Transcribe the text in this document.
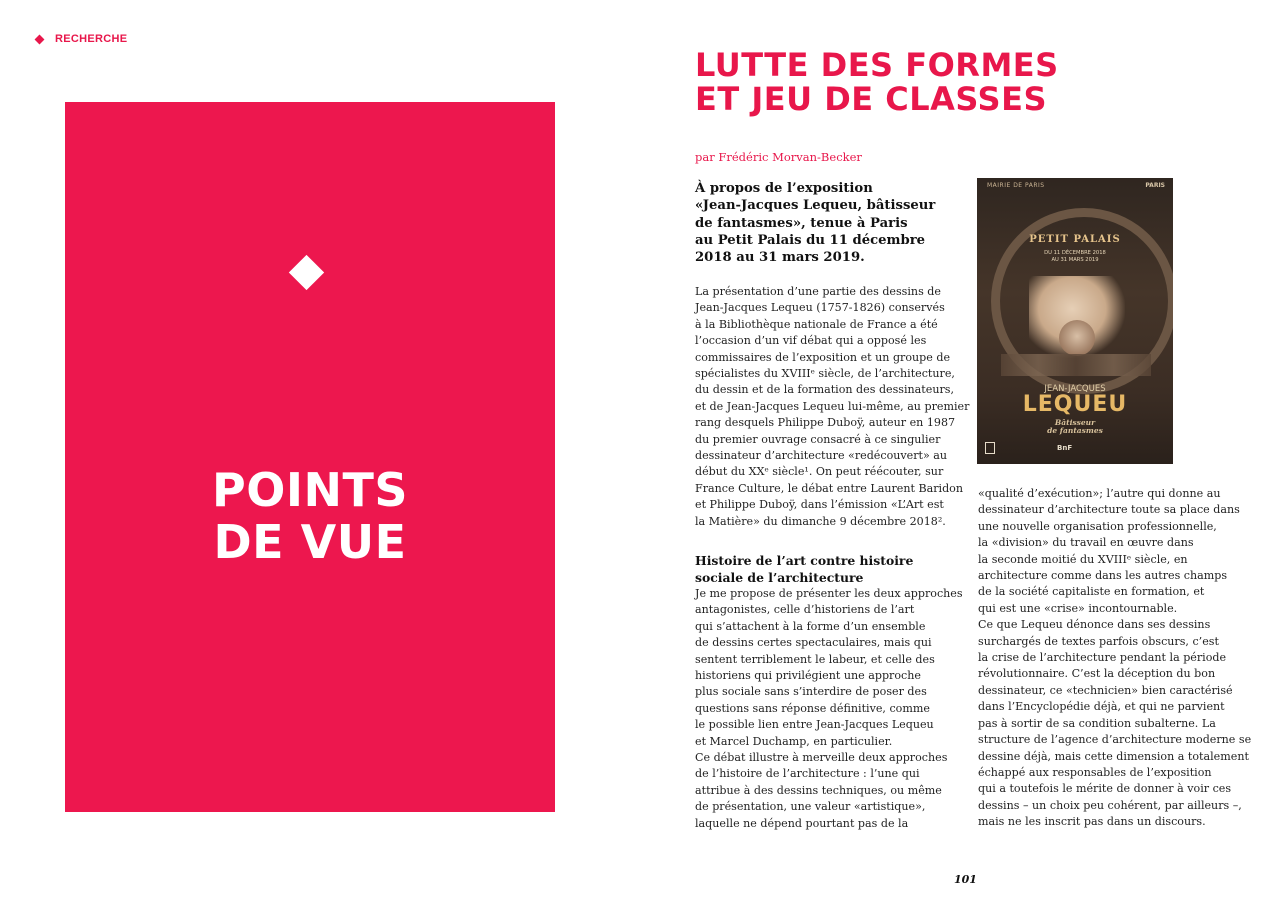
RECHERCHE
POINTS
DE VUE
LUTTE DES FORMES
ET JEU DE CLASSES
par Frédéric Morvan-Becker
À propos de l’exposition
«Jean-Jacques Lequeu, bâtisseur
de fantasmes», tenue à Paris
au Petit Palais du 11 décembre
2018 au 31 mars 2019.
La présentation d’une partie des dessins de
Jean-Jacques Lequeu (1757-1826) conservés
à la Bibliothèque nationale de France a été
l’occasion d’un vif débat qui a opposé les
commissaires de l’exposition et un groupe de
spécialistes du XVIIIᵉ siècle, de l’architecture,
du dessin et de la formation des dessinateurs,
et de Jean-Jacques Lequeu lui-même, au premier
rang desquels Philippe Duboÿ, auteur en 1987
du premier ouvrage consacré à ce singulier
dessinateur d’architecture «redécouvert» au
début du XXᵉ siècle¹. On peut réécouter, sur
France Culture, le débat entre Laurent Baridon
et Philippe Duboÿ, dans l’émission «L’Art est
la Matière» du dimanche 9 décembre 2018².
Histoire de l’art contre histoire
sociale de l’architecture
Je me propose de présenter les deux approches
antagonistes, celle d’historiens de l’art
qui s’attachent à la forme d’un ensemble
de dessins certes spectaculaires, mais qui
sentent terriblement le labeur, et celle des
historiens qui privilégient une approche
plus sociale sans s’interdire de poser des
questions sans réponse définitive, comme
le possible lien entre Jean-Jacques Lequeu
et Marcel Duchamp, en particulier.
Ce débat illustre à merveille deux approches
de l’histoire de l’architecture : l’une qui
attribue à des dessins techniques, ou même
de présentation, une valeur «artistique»,
laquelle ne dépend pourtant pas de la
«qualité d’exécution»; l’autre qui donne au
dessinateur d’architecture toute sa place dans
une nouvelle organisation professionnelle,
la «division» du travail en œuvre dans
la seconde moitié du XVIIIᵉ siècle, en
architecture comme dans les autres champs
de la société capitaliste en formation, et
qui est une «crise» incontournable.
Ce que Lequeu dénonce dans ses dessins
surchargés de textes parfois obscurs, c’est
la crise de l’architecture pendant la période
révolutionnaire. C’est la déception du bon
dessinateur, ce «technicien» bien caractérisé
dans l’Encyclopédie déjà, et qui ne parvient
pas à sortir de sa condition subalterne. La
structure de l’agence d’architecture moderne se
dessine déjà, mais cette dimension a totalement
échappé aux responsables de l’exposition
qui a toutefois le mérite de donner à voir ces
dessins – un choix peu cohérent, par ailleurs –,
mais ne les inscrit pas dans un discours.
MAIRIE DE PARIS	PARIS
PETIT PALAIS
DU 11 DÉCEMBRE 2018
AU 31 MARS 2019
JEAN-JACQUES
LEQUEU
Bâtisseur
de fantasmes
BnF
101
